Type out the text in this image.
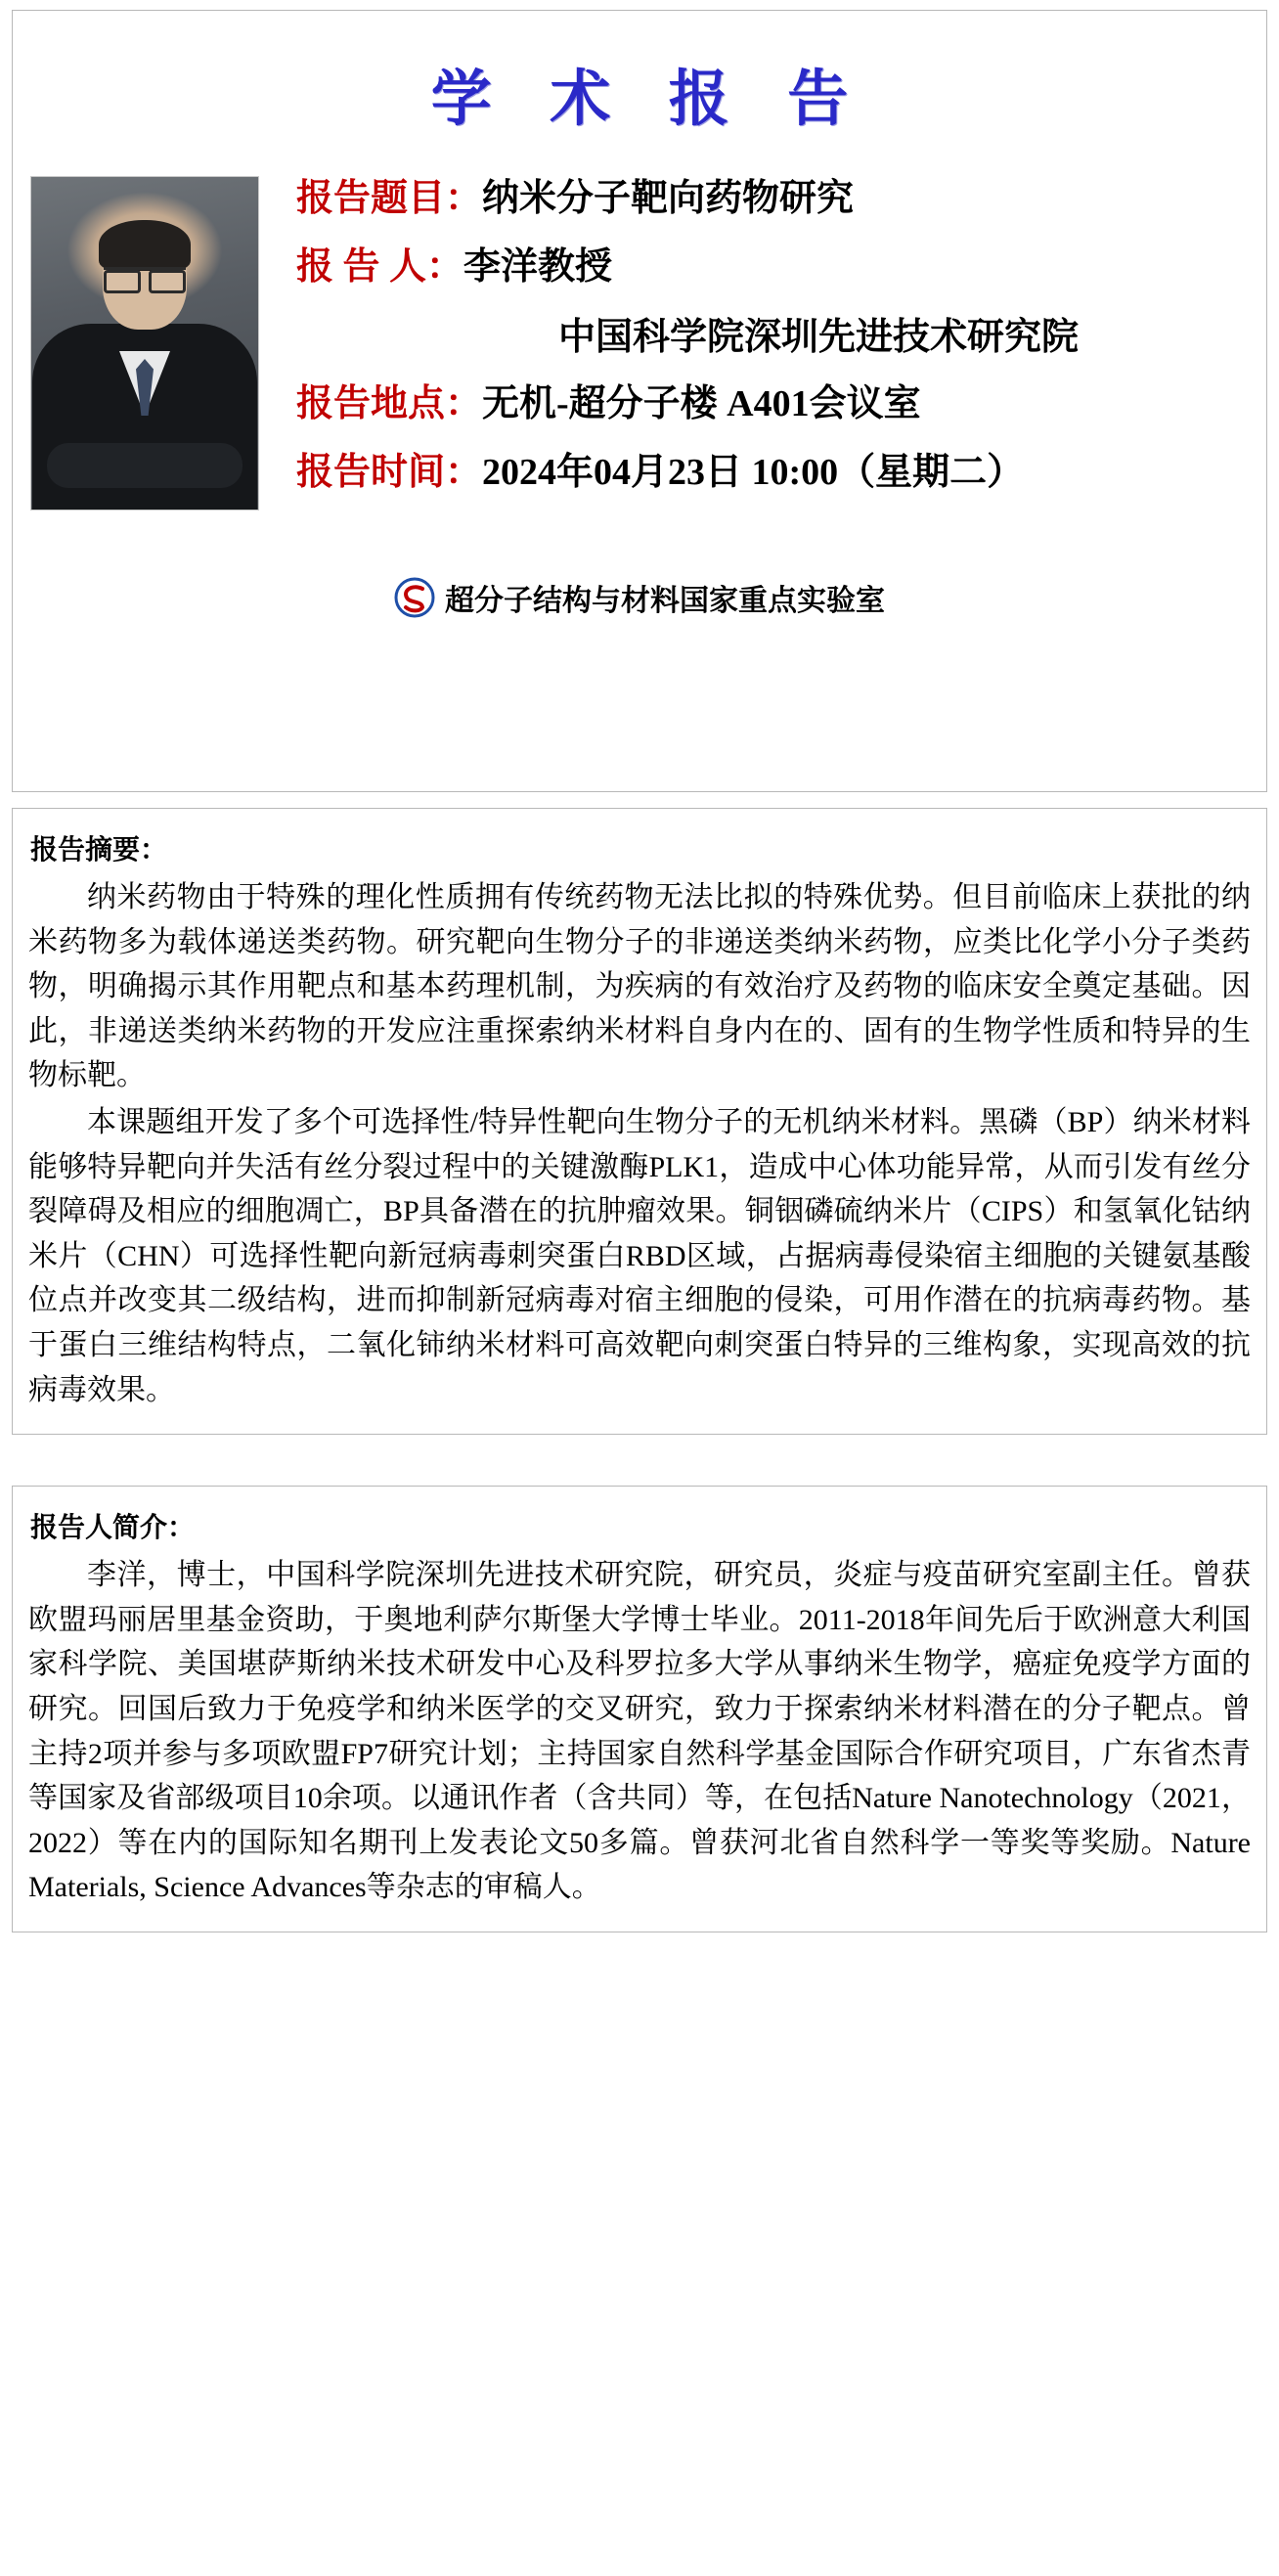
学 术 报 告
报告题目： 纳米分子靶向药物研究
报 告 人： 李洋教授
中国科学院深圳先进技术研究院
报告地点： 无机-超分子楼 A401会议室
报告时间： 2024年04月23日 10:00（星期二）
超分子结构与材料国家重点实验室
报告摘要：

纳米药物由于特殊的理化性质拥有传统药物无法比拟的特殊优势。但目前临床上获批的纳米药物多为载体递送类药物。研究靶向生物分子的非递送类纳米药物，应类比化学小分子类药物，明确揭示其作用靶点和基本药理机制，为疾病的有效治疗及药物的临床安全奠定基础。因此，非递送类纳米药物的开发应注重探索纳米材料自身内在的、固有的生物学性质和特异的生物标靶。

本课题组开发了多个可选择性/特异性靶向生物分子的无机纳米材料。黑磷（BP）纳米材料能够特异靶向并失活有丝分裂过程中的关键激酶PLK1，造成中心体功能异常，从而引发有丝分裂障碍及相应的细胞凋亡，BP具备潜在的抗肿瘤效果。铜铟磷硫纳米片（CIPS）和氢氧化钴纳米片（CHN）可选择性靶向新冠病毒刺突蛋白RBD区域，占据病毒侵染宿主细胞的关键氨基酸位点并改变其二级结构，进而抑制新冠病毒对宿主细胞的侵染，可用作潜在的抗病毒药物。基于蛋白三维结构特点，二氧化铈纳米材料可高效靶向刺突蛋白特异的三维构象，实现高效的抗病毒效果。

报告人简介：

李洋，博士，中国科学院深圳先进技术研究院，研究员，炎症与疫苗研究室副主任。曾获欧盟玛丽居里基金资助，于奥地利萨尔斯堡大学博士毕业。2011-2018年间先后于欧洲意大利国家科学院、美国堪萨斯纳米技术研发中心及科罗拉多大学从事纳米生物学，癌症免疫学方面的研究。回国后致力于免疫学和纳米医学的交叉研究，致力于探索纳米材料潜在的分子靶点。曾主持2项并参与多项欧盟FP7研究计划；主持国家自然科学基金国际合作研究项目，广东省杰青等国家及省部级项目10余项。以通讯作者（含共同）等，在包括Nature Nanotechnology（2021，2022）等在内的国际知名期刊上发表论文50多篇。曾获河北省自然科学一等奖等奖励。Nature Materials, Science Advances等杂志的审稿人。
